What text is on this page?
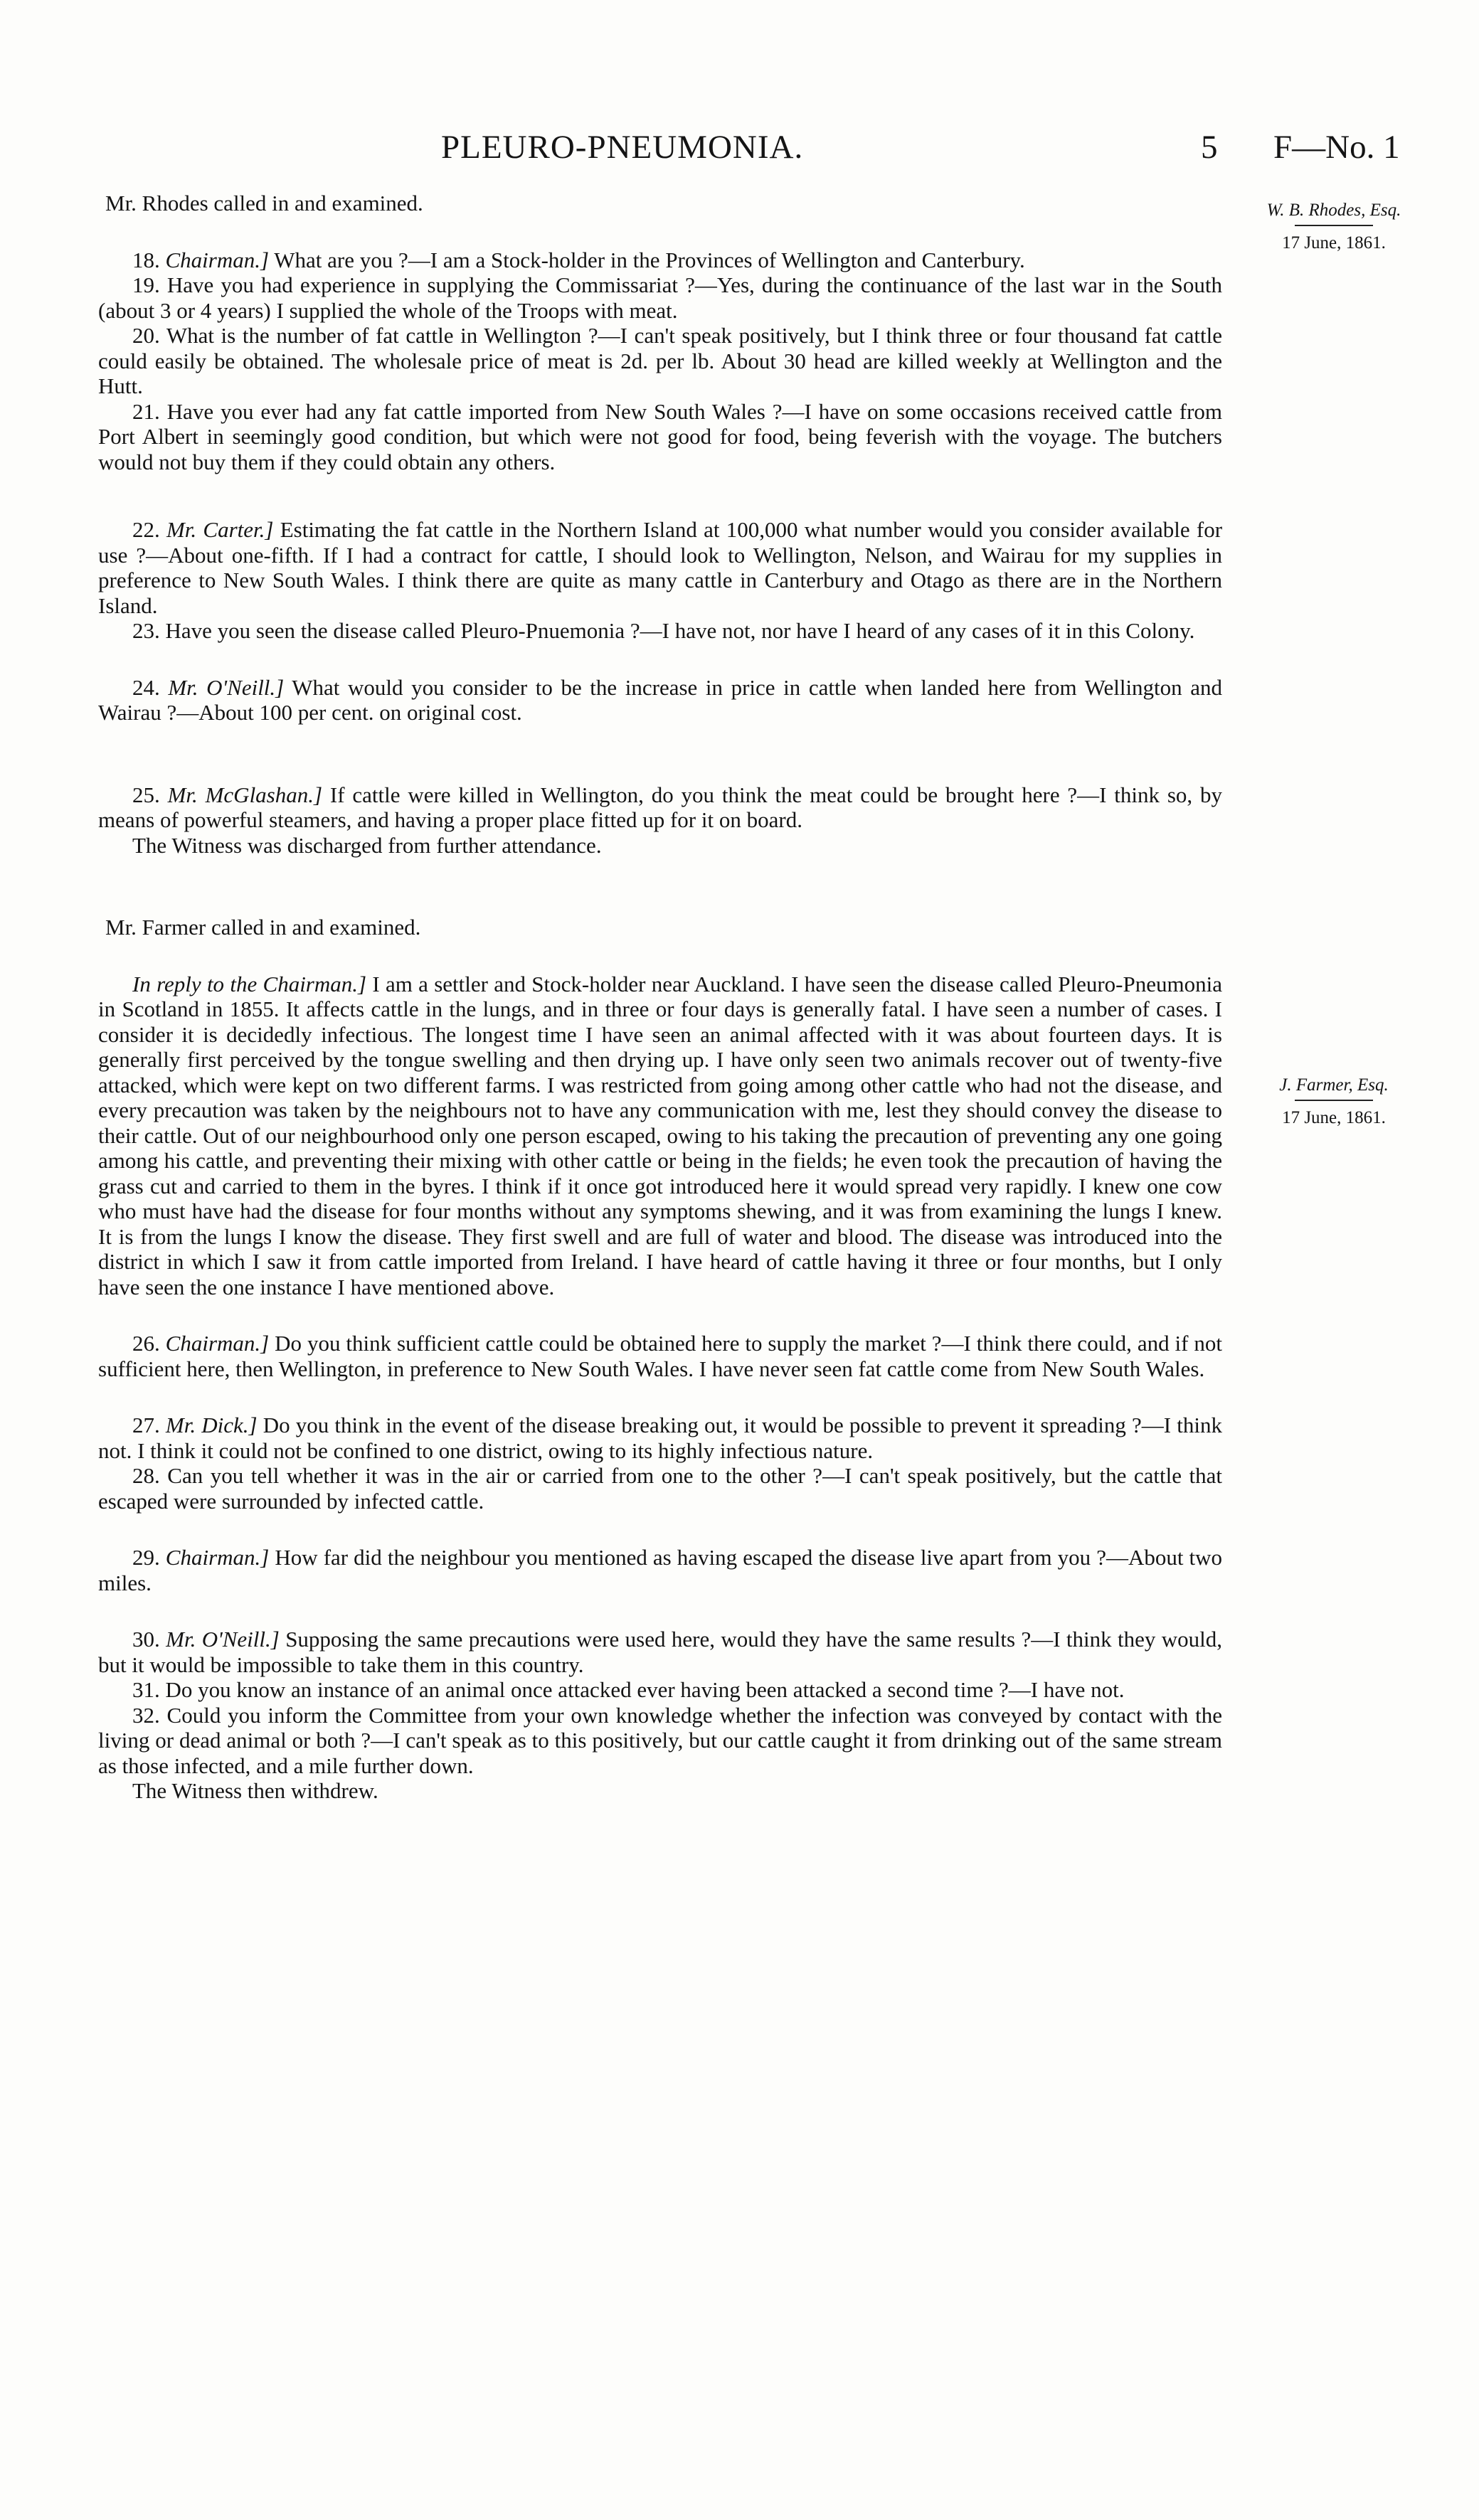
PLEURO-PNEUMONIA.	5 F—No. 1
W. B. Rhodes, Esq.
17 June, 1861.
J. Farmer, Esq.
17 June, 1861.

Mr. Rhodes called in and examined.

18. Chairman.] What are you ?—I am a Stock-holder in the Provinces of Wellington and Canterbury.

19. Have you had experience in supplying the Commissariat ?—Yes, during the continuance of the last war in the South (about 3 or 4 years) I supplied the whole of the Troops with meat.

20. What is the number of fat cattle in Wellington ?—I can't speak positively, but I think three or four thousand fat cattle could easily be obtained. The wholesale price of meat is 2d. per lb. About 30 head are killed weekly at Wellington and the Hutt.

21. Have you ever had any fat cattle imported from New South Wales ?—I have on some occasions received cattle from Port Albert in seemingly good condition, but which were not good for food, being feverish with the voyage. The butchers would not buy them if they could obtain any others.

22. Mr. Carter.] Estimating the fat cattle in the Northern Island at 100,000 what number would you consider available for use ?—About one-fifth. If I had a contract for cattle, I should look to Wellington, Nelson, and Wairau for my supplies in preference to New South Wales. I think there are quite as many cattle in Canterbury and Otago as there are in the Northern Island.

23. Have you seen the disease called Pleuro-Pnuemonia ?—I have not, nor have I heard of any cases of it in this Colony.

24. Mr. O'Neill.] What would you consider to be the increase in price in cattle when landed here from Wellington and Wairau ?—About 100 per cent. on original cost.

25. Mr. McGlashan.] If cattle were killed in Wellington, do you think the meat could be brought here ?—I think so, by means of powerful steamers, and having a proper place fitted up for it on board.

The Witness was discharged from further attendance.

Mr. Farmer called in and examined.

In reply to the Chairman.] I am a settler and Stock-holder near Auckland. I have seen the disease called Pleuro-Pneumonia in Scotland in 1855. It affects cattle in the lungs, and in three or four days is generally fatal. I have seen a number of cases. I consider it is decidedly infectious. The longest time I have seen an animal affected with it was about fourteen days. It is generally first perceived by the tongue swelling and then drying up. I have only seen two animals recover out of twenty-five attacked, which were kept on two different farms. I was restricted from going among other cattle who had not the disease, and every precaution was taken by the neighbours not to have any communication with me, lest they should convey the disease to their cattle. Out of our neighbourhood only one person escaped, owing to his taking the precaution of preventing any one going among his cattle, and preventing their mixing with other cattle or being in the fields; he even took the precaution of having the grass cut and carried to them in the byres. I think if it once got introduced here it would spread very rapidly. I knew one cow who must have had the disease for four months without any symptoms shewing, and it was from examining the lungs I knew. It is from the lungs I know the disease. They first swell and are full of water and blood. The disease was introduced into the district in which I saw it from cattle imported from Ireland. I have heard of cattle having it three or four months, but I only have seen the one instance I have mentioned above.

26. Chairman.] Do you think sufficient cattle could be obtained here to supply the market ?—I think there could, and if not sufficient here, then Wellington, in preference to New South Wales. I have never seen fat cattle come from New South Wales.

27. Mr. Dick.] Do you think in the event of the disease breaking out, it would be possible to prevent it spreading ?—I think not. I think it could not be confined to one district, owing to its highly infectious nature.

28. Can you tell whether it was in the air or carried from one to the other ?—I can't speak positively, but the cattle that escaped were surrounded by infected cattle.

29. Chairman.] How far did the neighbour you mentioned as having escaped the disease live apart from you ?—About two miles.

30. Mr. O'Neill.] Supposing the same precautions were used here, would they have the same results ?—I think they would, but it would be impossible to take them in this country.

31. Do you know an instance of an animal once attacked ever having been attacked a second time ?—I have not.

32. Could you inform the Committee from your own knowledge whether the infection was conveyed by contact with the living or dead animal or both ?—I can't speak as to this positively, but our cattle caught it from drinking out of the same stream as those infected, and a mile further down.

The Witness then withdrew.
